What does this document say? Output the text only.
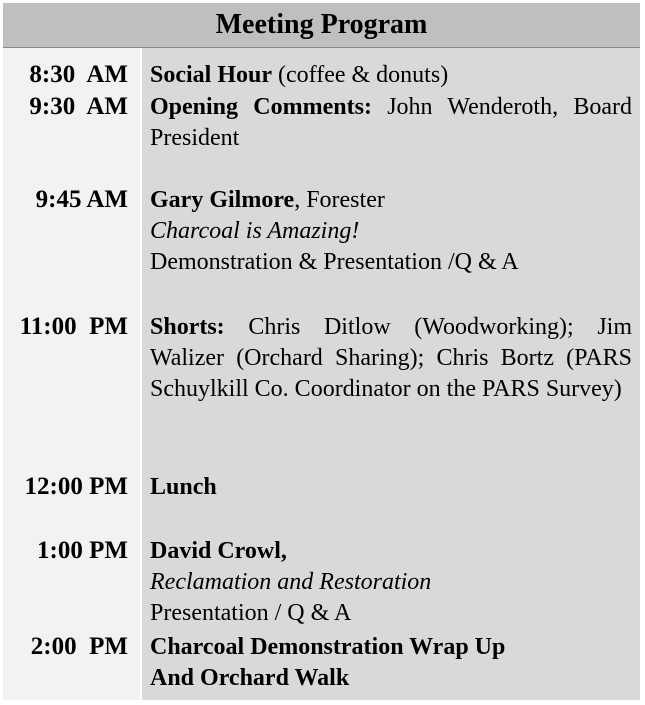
Meeting Program
8:30  AM
9:30  AM
9:45 AM
11:00  PM
12:00 PM
1:00 PM
2:00  PM
Social Hour (coffee & donuts)
Opening Comments: John Wenderoth, Board President
Gary Gilmore, Forester
Charcoal is Amazing!
Demonstration & Presentation /Q & A
Shorts: Chris Ditlow (Woodworking); Jim Walizer (Orchard Sharing); Chris Bortz (PARS Schuylkill Co. Coordinator on the PARS Survey)
Lunch
David Crowl,
Reclamation and Restoration
Presentation / Q & A
Charcoal Demonstration Wrap Up
And Orchard Walk
